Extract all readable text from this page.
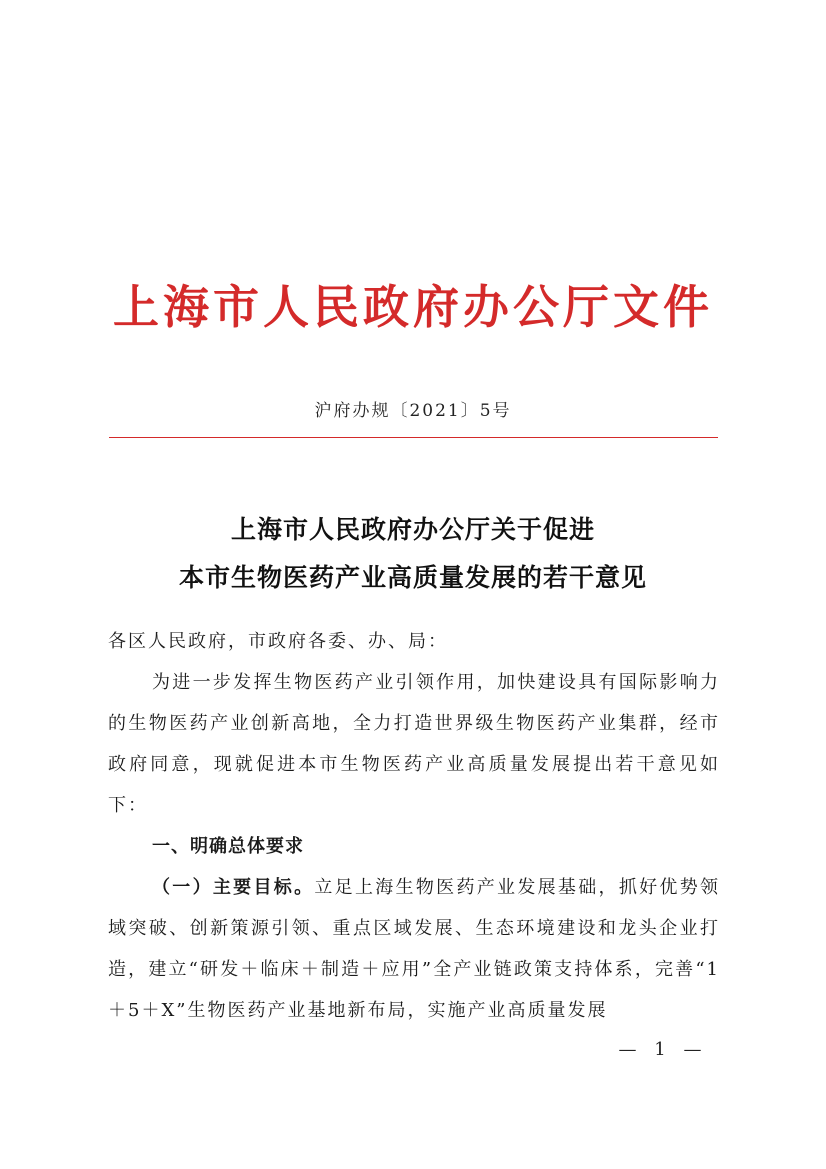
上海市人民政府办公厅文件
沪府办规〔2021〕5号
上海市人民政府办公厅关于促进
本市生物医药产业高质量发展的若干意见

各区人民政府，市政府各委、办、局：

为进一步发挥生物医药产业引领作用，加快建设具有国际影响力的生物医药产业创新高地，全力打造世界级生物医药产业集群，经市政府同意，现就促进本市生物医药产业高质量发展提出若干意见如下：

一、明确总体要求

（一）主要目标。立足上海生物医药产业发展基础，抓好优势领域突破、创新策源引领、重点区域发展、生态环境建设和龙头企业打造，建立“研发＋临床＋制造＋应用”全产业链政策支持体系，完善“1＋5＋X”生物医药产业基地新布局，实施产业高质量发展

— 1 —
